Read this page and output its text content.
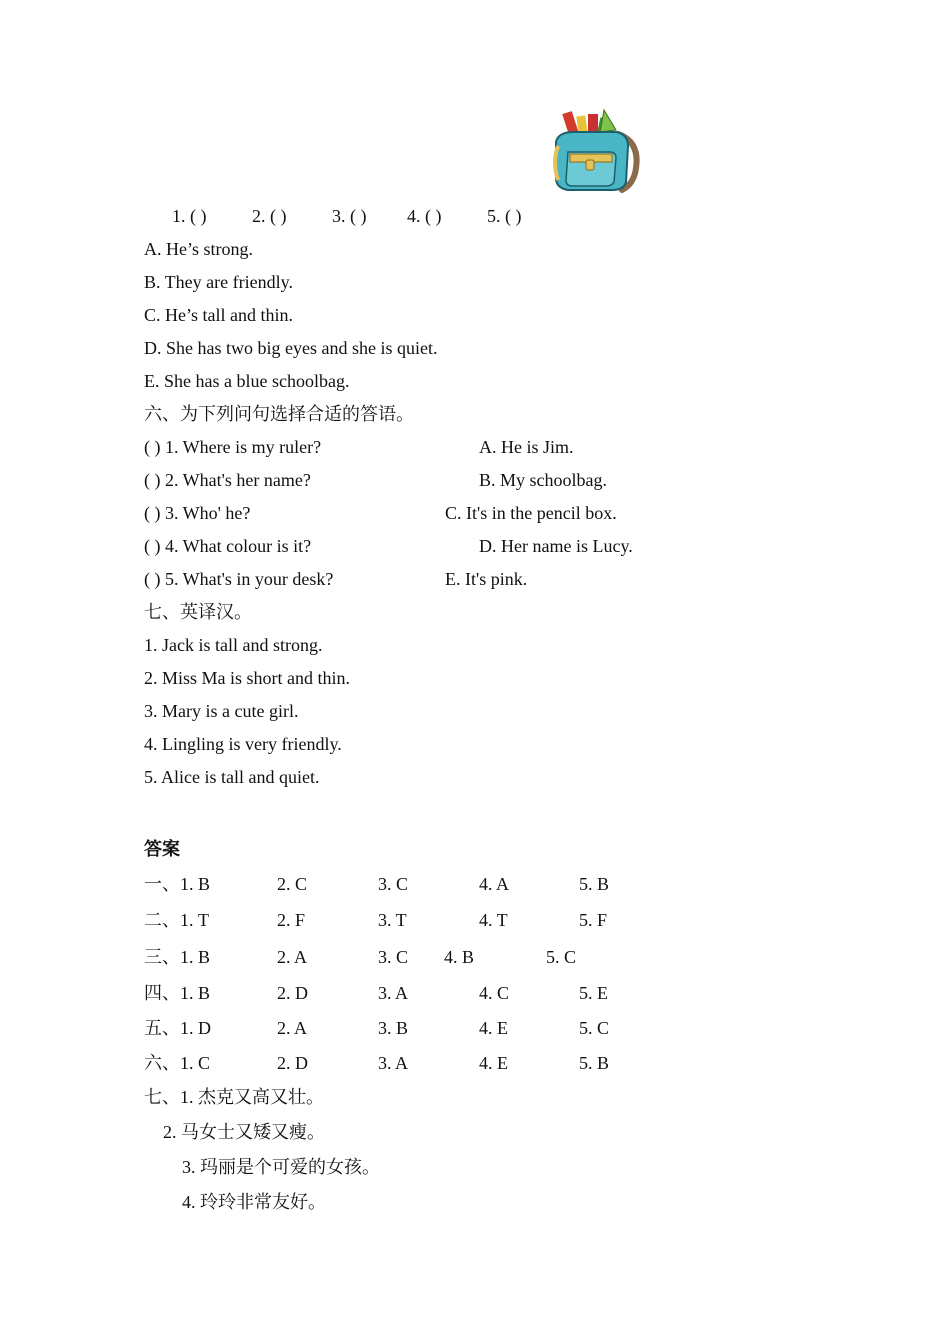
1. ( )	2. ( )	3. ( ) 4. ( )	5. ( )
A. He’s strong.
B. They are friendly.
C. He’s tall and thin.
D. She has two big eyes and she is quiet.
E. She has a blue schoolbag.
六、为下列问句选择合适的答语。
( ) 1. Where is my ruler?	A. He is Jim.
( ) 2. What's her name?	B. My schoolbag.
( ) 3. Who' he?	C. It's in the pencil box.
( ) 4. What colour is it?	D. Her name is Lucy.
( ) 5. What's in your desk?	E. It's pink.
七、英译汉。
1. Jack is tall and strong.
2. Miss Ma is short and thin.
3. Mary is a cute girl.
4. Lingling is very friendly.
5. Alice is tall and quiet.
答案
一、1. B	2. C	3. C	4. A	5. B
二、1. T	2. F	3. T	4. T	5. F
三、1. B	2. A	3. C 4. B	5. C
四、1. B	2. D	3. A	4. C	5. E
五、1. D	2. A	3. B	4. E	5. C
六、1. C	2. D	3. A	4. E	5. B
七、1. 杰克又高又壮。
2. 马女士又矮又瘦。
3. 玛丽是个可爱的女孩。
4. 玲玲非常友好。
